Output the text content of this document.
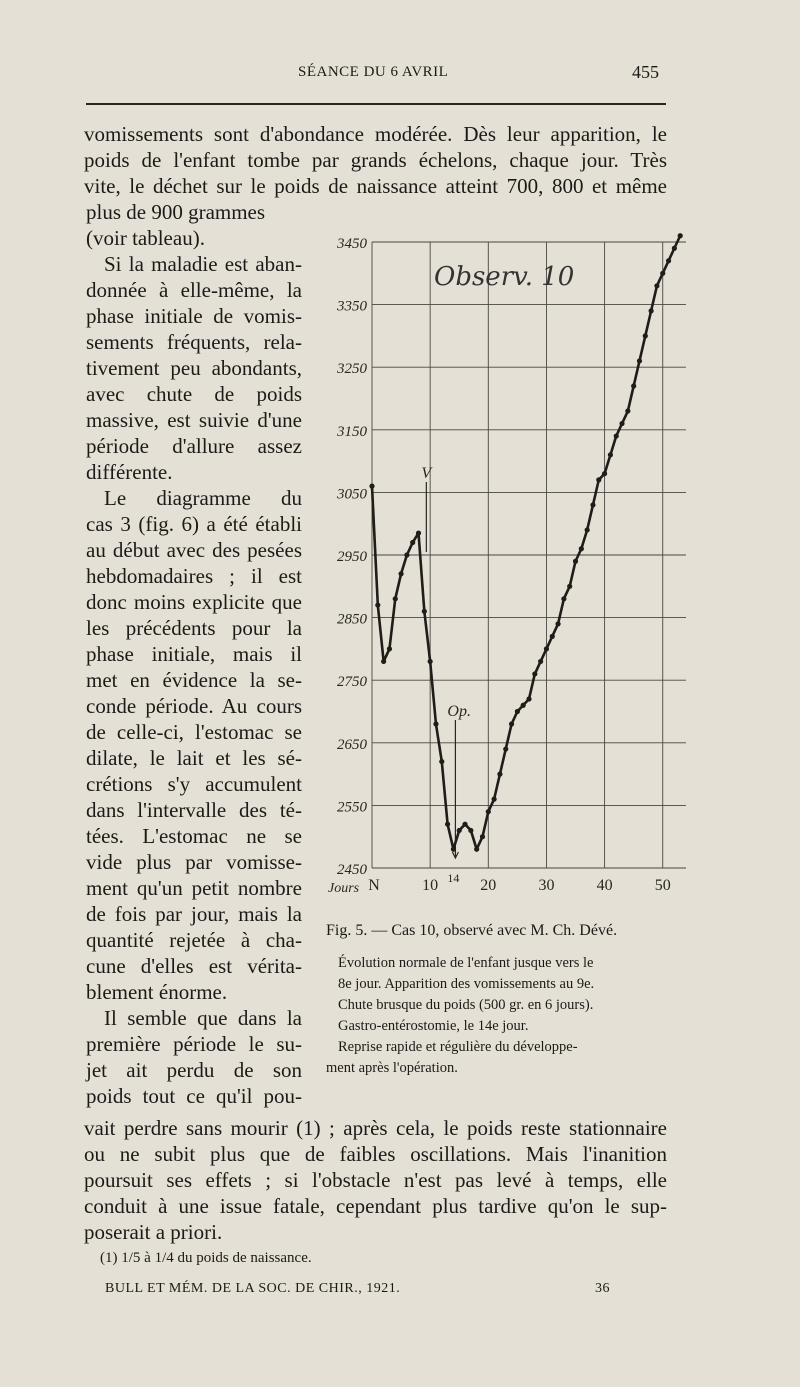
SÉANCE DU 6 AVRIL	455
vomissements sont d'abondance modérée. Dès leur apparition, le
poids de l'enfant tombe par grands échelons, chaque jour. Très
vite, le déchet sur le poids de naissance atteint 700, 800 et même
plus de 900 grammes
(voir tableau).
Si la maladie est aban-
donnée à elle-même, la
phase initiale de vomis-
sements fréquents, rela-
tivement peu abondants,
avec chute de poids
massive, est suivie d'une
période d'allure assez
différente.
Le diagramme du
cas 3 (fig. 6) a été établi
au début avec des pesées
hebdomadaires ; il est
donc moins explicite que
les précédents pour la
phase initiale, mais il
met en évidence la se-
conde période. Au cours
de celle-ci, l'estomac se
dilate, le lait et les sé-
crétions s'y accumulent
dans l'intervalle des té-
tées. L'estomac ne se
vide plus par vomisse-
ment qu'un petit nombre
de fois par jour, mais la
quantité rejetée à cha-
cune d'elles est vérita-
blement énorme.
Il semble que dans la
première période le su-
jet ait perdu de son
poids tout ce qu'il pou-
3450
3350
3250
3150
3050
2950
2850
2750
2650
2550
2450
N	10 14 20	30	40	50
Jours
V
Op.
Observ. 10
Fig. 5. — Cas 10, observé avec M. Ch. Dévé.
Évolution normale de l'enfant jusque vers le
8e jour. Apparition des vomissements au 9e.
Chute brusque du poids (500 gr. en 6 jours).
Gastro-entérostomie, le 14e jour.
Reprise rapide et régulière du développe-
ment après l'opération.
vait perdre sans mourir (1) ; après cela, le poids reste stationnaire
ou ne subit plus que de faibles oscillations. Mais l'inanition
poursuit ses effets ; si l'obstacle n'est pas levé à temps, elle
conduit à une issue fatale, cependant plus tardive qu'on le sup-
poserait a priori.
(1) 1/5 à 1/4 du poids de naissance.
BULL ET MÉM. DE LA SOC. DE CHIR., 1921.	36
